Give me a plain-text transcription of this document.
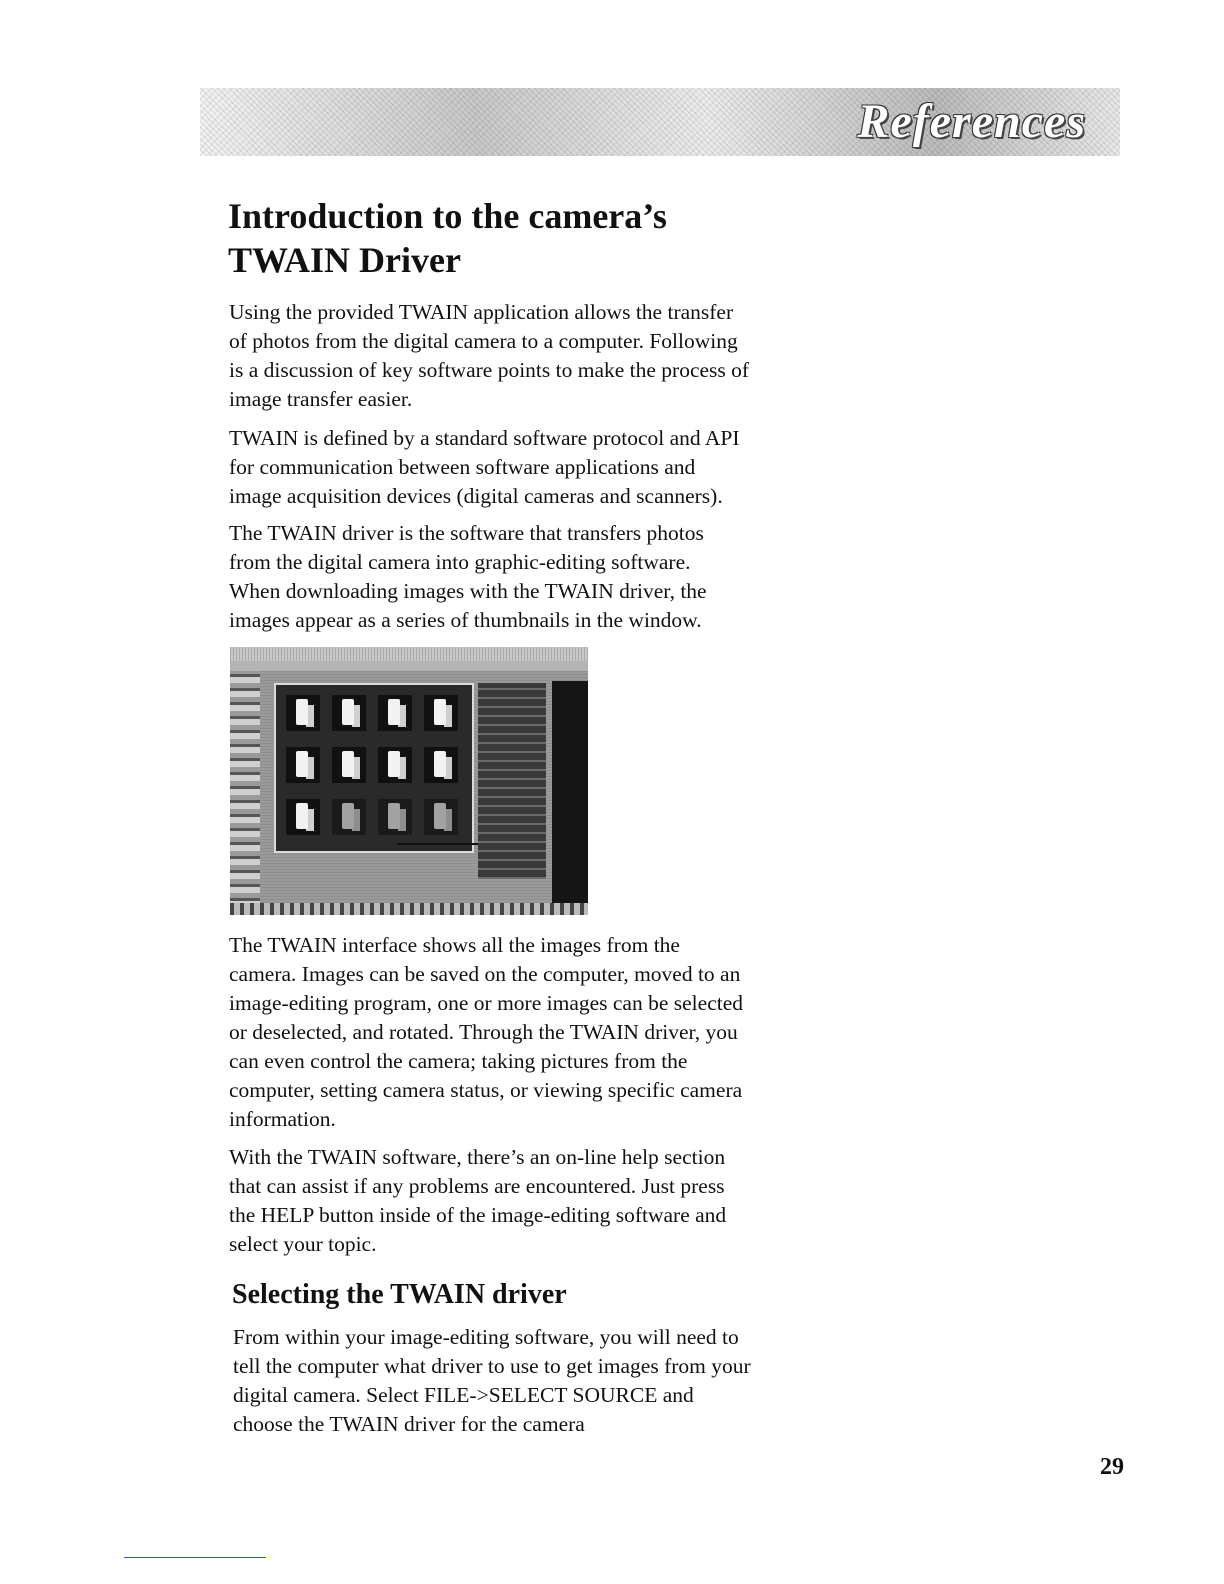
References
Introduction to the camera’s
TWAIN Driver

Using the provided TWAIN application allows the transfer
of photos from the digital camera to a computer. Following
is a discussion of key software points to make the process of
image transfer easier.

TWAIN is defined by a standard software protocol and API
for communication between software applications and
image acquisition devices (digital cameras and scanners).

The TWAIN driver is the software that transfers photos
from the digital camera into graphic-editing software.
When downloading images with the TWAIN driver, the
images appear as a series of thumbnails in the window.

The TWAIN interface shows all the images from the
camera. Images can be saved on the computer, moved to an
image-editing program, one or more images can be selected
or deselected, and rotated. Through the TWAIN driver, you
can even control the camera; taking pictures from the
computer, setting camera status, or viewing specific camera
information.

With the TWAIN software, there’s an on-line help section
that can assist if any problems are encountered. Just press
the HELP button inside of the image-editing software and
select your topic.

Selecting the TWAIN driver

From within your image-editing software, you will need to
tell the computer what driver to use to get images from your
digital camera. Select FILE->SELECT SOURCE and
choose the TWAIN driver for the camera

29
